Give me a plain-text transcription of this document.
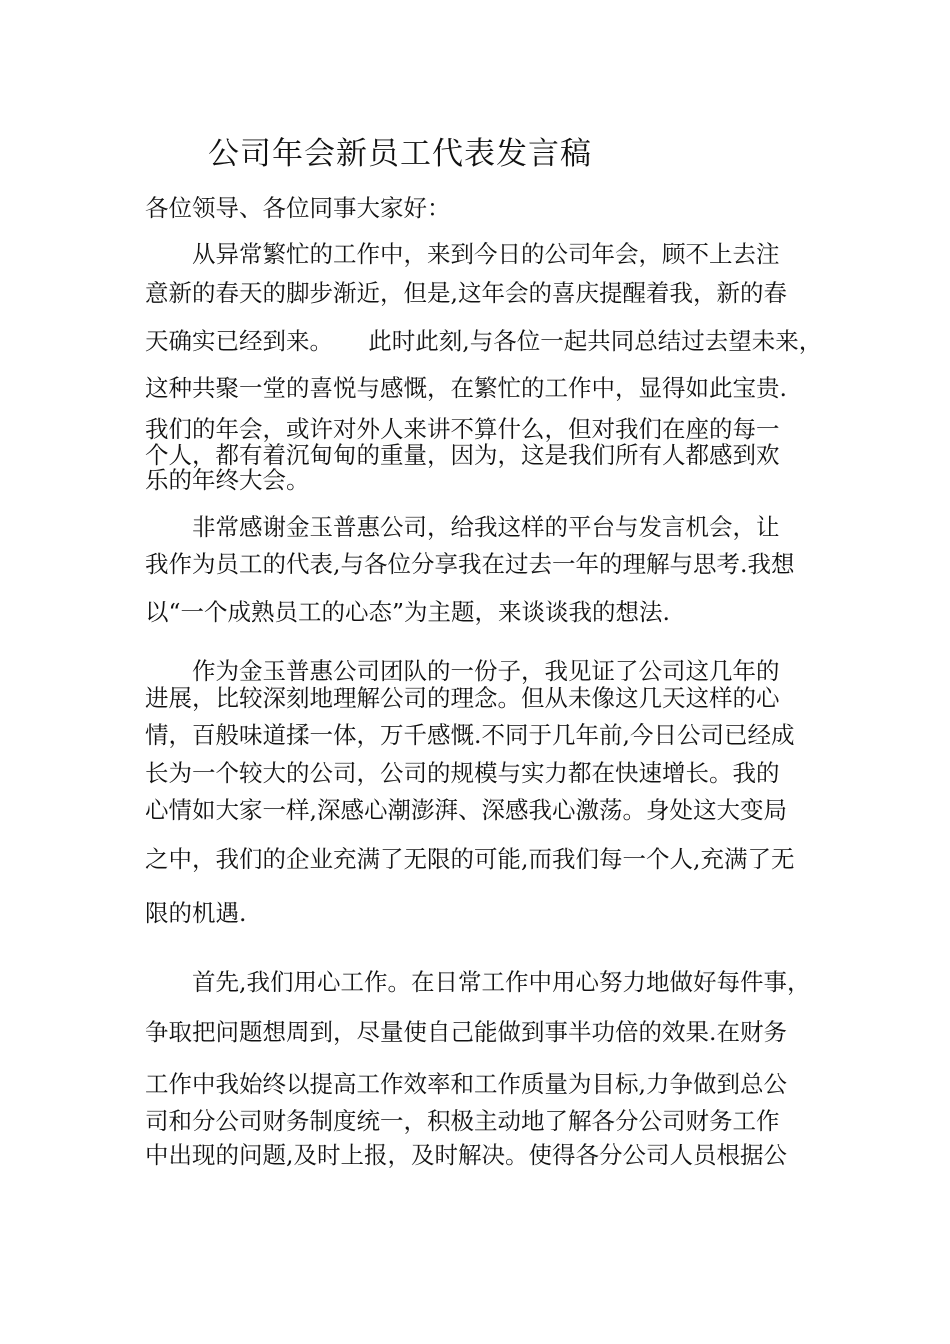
公司年会新员工代表发言稿
各位领导、各位同事大家好：
从异常繁忙的工作中，来到今日的公司年会，顾不上去注
意新的春天的脚步渐近，但是,这年会的喜庆提醒着我，新的春
天确实已经到来。　　此时此刻,与各位一起共同总结过去望未来，
这种共聚一堂的喜悦与感慨，在繁忙的工作中，显得如此宝贵.
我们的年会，或许对外人来讲不算什么，但对我们在座的每一
个人，都有着沉甸甸的重量，因为，这是我们所有人都感到欢
乐的年终大会。
非常感谢金玉普惠公司，给我这样的平台与发言机会，让
我作为员工的代表,与各位分享我在过去一年的理解与思考.我想
以“一个成熟员工的心态”为主题，来谈谈我的想法.
作为金玉普惠公司团队的一份子，我见证了公司这几年的
进展，比较深刻地理解公司的理念。但从未像这几天这样的心
情，百般味道揉一体，万千感慨.不同于几年前,今日公司已经成
长为一个较大的公司，公司的规模与实力都在快速增长。我的
心情如大家一样,深感心潮澎湃、深感我心激荡。身处这大变局
之中，我们的企业充满了无限的可能,而我们每一个人,充满了无
限的机遇.
首先,我们用心工作。在日常工作中用心努力地做好每件事，
争取把问题想周到，尽量使自己能做到事半功倍的效果.在财务
工作中我始终以提高工作效率和工作质量为目标,力争做到总公
司和分公司财务制度统一，积极主动地了解各分公司财务工作
中出现的问题,及时上报，及时解决。使得各分公司人员根据公
